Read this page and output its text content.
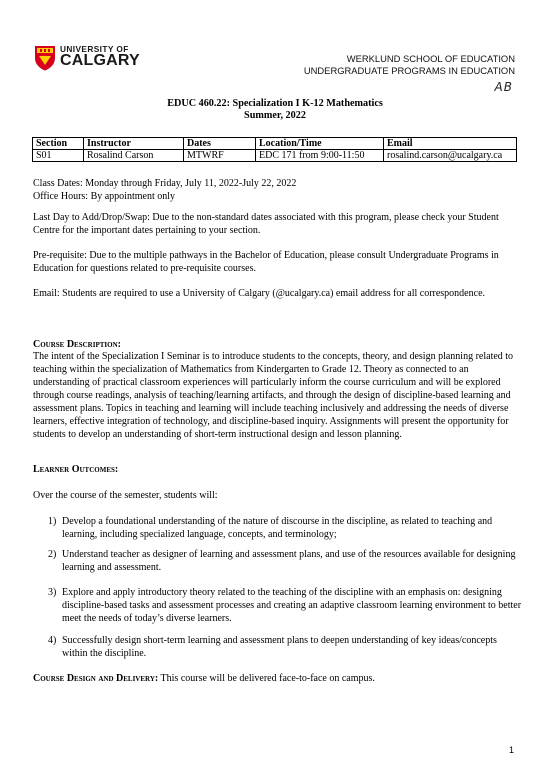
UNIVERSITY OF
CALGARY	WERKLUND SCHOOL OF EDUCATION
UNDERGRADUATE PROGRAMS IN EDUCATION
AB
EDUC 460.22: Specialization I K-12 Mathematics
Summer, 2022
Section	Instructor	Dates	Location/Time	Email
S01	Rosalind Carson	MTWRF	EDC 171 from 9:00-11:50	rosalind.carson@ucalgary.ca
Class Dates: Monday through Friday, July 11, 2022-July 22, 2022
Office Hours: By appointment only
Last Day to Add/Drop/Swap: Due to the non-standard dates associated with this program, please check your Student Centre for the important dates pertaining to your section.
Pre-requisite: Due to the multiple pathways in the Bachelor of Education, please consult Undergraduate Programs in Education for questions related to pre-requisite courses.
Email: Students are required to use a University of Calgary (@ucalgary.ca) email address for all correspondence.
Course Description:
The intent of the Specialization I Seminar is to introduce students to the concepts, theory, and design planning related to teaching within the specialization of Mathematics from Kindergarten to Grade 12. Theory as connected to an understanding of practical classroom experiences will particularly inform the course curriculum and will be explored through course readings, analysis of teaching/learning artifacts, and through the design of discipline-based learning and assessment plans. Topics in teaching and learning will include teaching inclusively and addressing the needs of diverse learners, effective integration of technology, and discipline-based inquiry. Assignments will present the opportunity for students to develop an understanding of short-term instructional design and lesson planning.
Learner Outcomes:
Over the course of the semester, students will:
1) Develop a foundational understanding of the nature of discourse in the discipline, as related to teaching and learning, including specialized language, concepts, and terminology;
2) Understand teacher as designer of learning and assessment plans, and use of the resources available for designing learning and assessment.
3) Explore and apply introductory theory related to the teaching of the discipline with an emphasis on: designing discipline-based tasks and assessment processes and creating an adaptive classroom learning environment to better meet the needs of today’s diverse learners.
4) Successfully design short-term learning and assessment plans to deepen understanding of key ideas/concepts within the discipline.
Course Design and Delivery: This course will be delivered face-to-face on campus.
1
